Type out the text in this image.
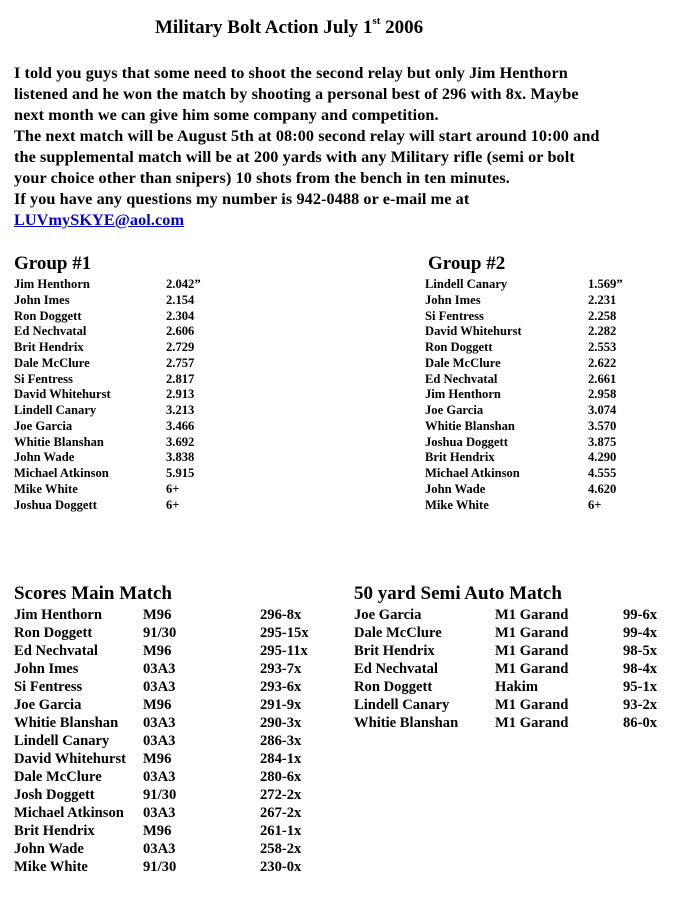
Military Bolt Action July 1st 2006

I told you guys that some need to shoot the second relay but only Jim Henthorn

listened and he won the match by shooting a personal best of 296 with 8x. Maybe

next month we can give him some company and competition.

The next match will be August 5th at 08:00 second relay will start around 10:00 and

the supplemental match will be at 200 yards with any Military rifle (semi or bolt

your choice other than snipers) 10 shots from the bench in ten minutes.

If you have any questions my number is 942-0488 or e-mail me at

LUVmySKYE@aol.com

Group #1	Group #2
Jim Henthorn	2.042”
John Imes	2.154
Ron Doggett	2.304
Ed Nechvatal	2.606
Brit Hendrix	2.729
Dale McClure	2.757
Si Fentress	2.817
David Whitehurst	2.913
Lindell Canary	3.213
Joe Garcia	3.466
Whitie Blanshan	3.692
John Wade	3.838
Michael Atkinson	5.915
Mike White	6+
Joshua Doggett	6+
Lindell Canary	1.569”
John Imes	2.231
Si Fentress	2.258
David Whitehurst	2.282
Ron Doggett	2.553
Dale McClure	2.622
Ed Nechvatal	2.661
Jim Henthorn	2.958
Joe Garcia	3.074
Whitie Blanshan	3.570
Joshua Doggett	3.875
Brit Hendrix	4.290
Michael Atkinson	4.555
John Wade	4.620
Mike White	6+
Scores Main Match	50 yard Semi Auto Match
Jim Henthorn	M96	296-8x
Ron Doggett	91/30	295-15x
Ed Nechvatal	M96	295-11x
John Imes	03A3	293-7x
Si Fentress	03A3	293-6x
Joe Garcia	M96	291-9x
Whitie Blanshan 03A3	290-3x
Lindell Canary 03A3	286-3x
David Whitehurst M96	284-1x
Dale McClure	03A3	280-6x
Josh Doggett	91/30	272-2x
Michael Atkinson 03A3	267-2x
Brit Hendrix	M96	261-1x
John Wade	03A3	258-2x
Mike White	91/30	230-0x
Joe Garcia	M1 Garand	99-6x
Dale McClure	M1 Garand	99-4x
Brit Hendrix	M1 Garand	98-5x
Ed Nechvatal	M1 Garand	98-4x
Ron Doggett	Hakim	95-1x
Lindell Canary	M1 Garand	93-2x
Whitie Blanshan	M1 Garand	86-0x
